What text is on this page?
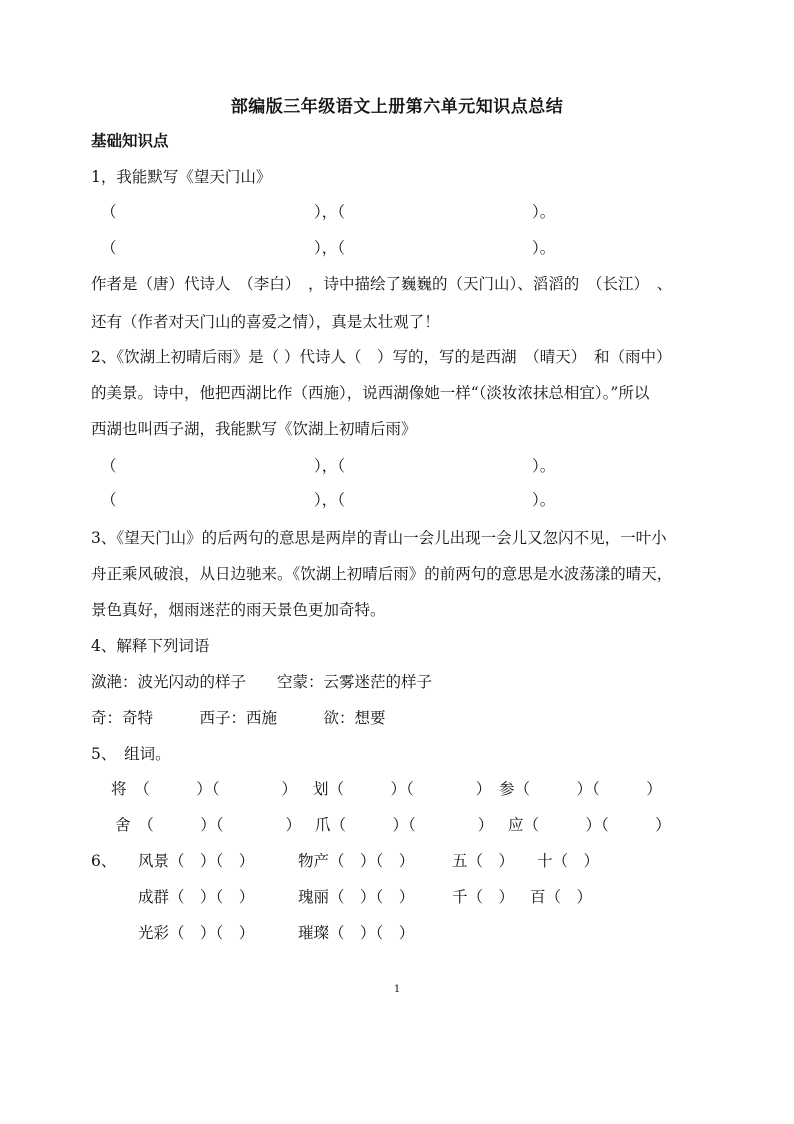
部编版三年级语文上册第六单元知识点总结
基础知识点
1，我能默写《望天门山》
（	），（	）。
（	），（	）。
作者是（唐）代诗人　（李白）　，诗中描绘了巍巍的（天门山）、滔滔的　（长江）　、
还有（作者对天门山的喜爱之情），真是太壮观了！
2、《饮湖上初晴后雨》是（ ）代诗人（　）写的，写的是西湖　（晴天）　和（雨中）
的美景。诗中，他把西湖比作（西施），说西湖像她一样“（淡妆浓抹总相宜）。”所以
西湖也叫西子湖，我能默写《饮湖上初晴后雨》
（	），（	）。
（	），（	）。
3、《望天门山》的后两句的意思是两岸的青山一会儿出现一会儿又忽闪不见，一叶小
舟正乘风破浪，从日边驰来。《饮湖上初晴后雨》的前两句的意思是水波荡漾的晴天，
景色真好，烟雨迷茫的雨天景色更加奇特。
4、解释下列词语
潋滟：波光闪动的样子　　空蒙：云雾迷茫的样子
奇：奇特　　　西子：西施　　　欲：想要
5、　组词。
将　（　　　）（　　　　） 划（　　　）（　　　　） 参（　　　）（　　　）
舍　（　　　）（　　　　） 爪（　　　）（　　　　） 应（　　　）（　　　）
6、 风景（　）（　）	物产（　）（　） 五（　） 十（　）
成群（　）（　）	瑰丽（　）（　） 千（　） 百（　）
光彩（　）（　）	璀璨（　）（　）
1
